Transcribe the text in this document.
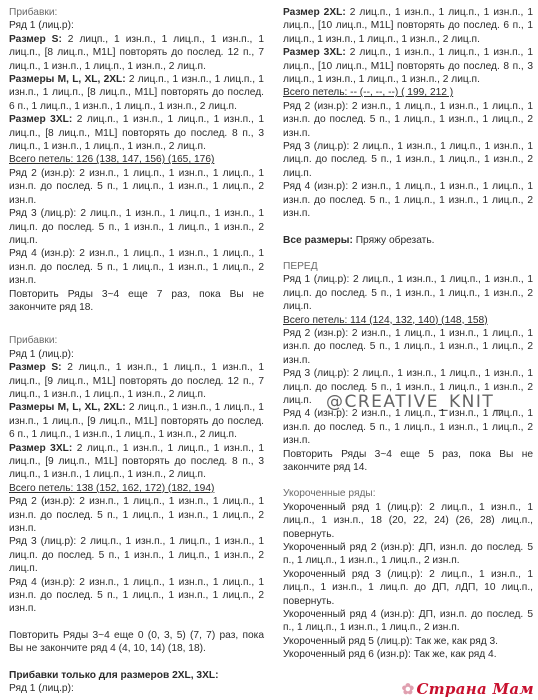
Прибавки:

Ряд 1 (лиц.р):

Размер S: 2 лицп., 1 изн.п., 1 лиц.п., 1 изн.п., 1 лиц.п., [8 лиц.п., M1L] повторять до послед. 12 п., 7 лиц.п., 1 изн.п., 1 лиц.п., 1 изн.п., 2 лиц.п.

Размеры M, L, XL, 2XL: 2 лиц.п., 1 изн.п., 1 лиц.п., 1 изн.п., 1 лиц.п., [8 лиц.п., M1L] повторять до послед. 6 п., 1 лиц.п., 1 изн.п., 1 лиц.п., 1 изн.п., 2 лиц.п.

Размер 3XL: 2 лиц.п., 1 изн.п., 1 лиц.п., 1 изн.п., 1 лиц.п., [8 лиц.п., M1L] повторять до послед. 8 п., 3 лиц.п., 1 изн.п., 1 лиц.п., 1 изн.п., 2 лиц.п.

Всего петель: 126 (138, 147, 156) (165, 176)

Ряд 2 (изн.р): 2 изн.п., 1 лиц.п., 1 изн.п., 1 лиц.п., 1 изн.п. до послед. 5 п., 1 лиц.п., 1 изн.п., 1 лиц.п., 2 изн.п.

Ряд 3 (лиц.р): 2 лиц.п., 1 изн.п., 1 лиц.п., 1 изн.п., 1 лиц.п. до послед. 5 п., 1 изн.п., 1 лиц.п., 1 изн.п., 2 лиц.п.

Ряд 4 (изн.р): 2 изн.п., 1 лиц.п., 1 изн.п., 1 лиц.п., 1 изн.п. до послед. 5 п., 1 лиц.п., 1 изн.п., 1 лиц.п., 2 изн.п.

Повторить Ряды 3~4 еще 7 раз, пока Вы не закончите ряд 18.

Прибавки:

Ряд 1 (лиц.р):

Размер S: 2 лиц.п., 1 изн.п., 1 лиц.п., 1 изн.п., 1 лиц.п., [9 лиц.п., M1L] повторять до послед. 12 п., 7 лиц.п., 1 изн.п., 1 лиц.п., 1 изн.п., 2 лиц.п.

Размеры M, L, XL, 2XL: 2 лиц.п., 1 изн.п., 1 лиц.п., 1 изн.п., 1 лиц.п., [9 лиц.п., M1L] повторять до послед. 6 п., 1 лиц.п., 1 изн.п., 1 лиц.п., 1 изн.п., 2 лиц.п.

Размер 3XL: 2 лиц.п., 1 изн.п., 1 лиц.п., 1 изн.п., 1 лиц.п., [9 лиц.п., M1L] повторять до послед. 8 п., 3 лиц.п., 1 изн.п., 1 лиц.п., 1 изн.п., 2 лиц.п.

Всего петель: 138 (152, 162, 172) (182, 194)

Ряд 2 (изн.р): 2 изн.п., 1 лиц.п., 1 изн.п., 1 лиц.п., 1 изн.п. до послед. 5 п., 1 лиц.п., 1 изн.п., 1 лиц.п., 2 изн.п.

Ряд 3 (лиц.р): 2 лиц.п., 1 изн.п., 1 лиц.п., 1 изн.п., 1 лиц.п. до послед. 5 п., 1 изн.п., 1 лиц.п., 1 изн.п., 2 лиц.п.

Ряд 4 (изн.р): 2 изн.п., 1 лиц.п., 1 изн.п., 1 лиц.п., 1 изн.п. до послед. 5 п., 1 лиц.п., 1 изн.п., 1 лиц.п., 2 изн.п.

Повторить Ряды 3~4 еще 0 (0, 3, 5) (7, 7) раз, пока Вы не закончите ряд 4 (4, 10, 14) (18, 18).

Прибавки только для размеров 2XL, 3XL:

Ряд 1 (лиц.р):

Размер 2XL: 2 лиц.п., 1 изн.п., 1 лиц.п., 1 изн.п., 1 лиц.п., [10 лиц.п., M1L] повторять до послед. 6 п., 1 лиц.п., 1 изн.п., 1 лиц.п., 1 изн.п., 2 лиц.п.

Размер 3XL: 2 лиц.п., 1 изн.п., 1 лиц.п., 1 изн.п., 1 лиц.п., [10 лиц.п., M1L] повторять до послед. 8 п., 3 лиц.п., 1 изн.п., 1 лиц.п., 1 изн.п., 2 лиц.п.

Всего петель: -- (--, --, --) ( 199, 212 )

Ряд 2 (изн.р): 2 изн.п., 1 лиц.п., 1 изн.п., 1 лиц.п., 1 изн.п. до послед. 5 п., 1 лиц.п., 1 изн.п., 1 лиц.п., 2 изн.п.

Ряд 3 (лиц.р): 2 лиц.п., 1 изн.п., 1 лиц.п., 1 изн.п., 1 лиц.п. до послед. 5 п., 1 изн.п., 1 лиц.п., 1 изн.п., 2 лиц.п.

Ряд 4 (изн.р): 2 изн.п., 1 лиц.п., 1 изн.п., 1 лиц.п., 1 изн.п. до послед. 5 п., 1 лиц.п., 1 изн.п., 1 лиц.п., 2 изн.п.

Все размеры: Пряжу обрезать.

ПЕРЕД

Ряд 1 (лиц.р): 2 лиц.п., 1 изн.п., 1 лиц.п., 1 изн.п., 1 лиц.п. до послед. 5 п., 1 изн.п., 1 лиц.п., 1 изн.п., 2 лиц.п.

Всего петель: 114 (124, 132, 140) (148, 158)

Ряд 2 (изн.р): 2 изн.п., 1 лиц.п., 1 изн.п., 1 лиц.п., 1 изн.п. до послед. 5 п., 1 лиц.п., 1 изн.п., 1 лиц.п., 2 изн.п.

Ряд 3 (лиц.р): 2 лиц.п., 1 изн.п., 1 лиц.п., 1 изн.п., 1 лиц.п. до послед. 5 п., 1 изн.п., 1 лиц.п., 1 изн.п., 2 лиц.п.

Ряд 4 (изн.р): 2 изн.п., 1 лиц.п., 1 изн.п., 1 лиц.п., 1 изн.п. до послед. 5 п., 1 лиц.п., 1 изн.п., 1 лиц.п., 2 изн.п.

Повторить Ряды 3~4 еще 5 раз, пока Вы не закончите ряд 14.

Укороченные ряды:

Укороченный ряд 1 (лиц.р): 2 лиц.п., 1 изн.п., 1 лиц.п., 1 изн.п., 18 (20, 22, 24) (26, 28) лиц.п., повернуть.

Укороченный ряд 2 (изн.р): ДП, изн.п. до послед. 5 п., 1 лиц.п., 1 изн.п., 1 лиц.п., 2 изн.п.

Укороченный ряд 3 (лиц.р): 2 лиц.п., 1 изн.п., 1 лиц.п., 1 изн.п., 1 лиц.п. до ДП, лДП, 10 лиц.п., повернуть.

Укороченный ряд 4 (изн.р): ДП, изн.п. до послед. 5 п., 1 лиц.п., 1 изн.п., 1 лиц.п., 2 изн.п.

Укороченный ряд 5 (лиц.р): Так же, как ряд 3.

Укороченный ряд 6 (изн.р): Так же, как ряд 4.

@CREATIVE_KNIT_
✿ Страна Мам
